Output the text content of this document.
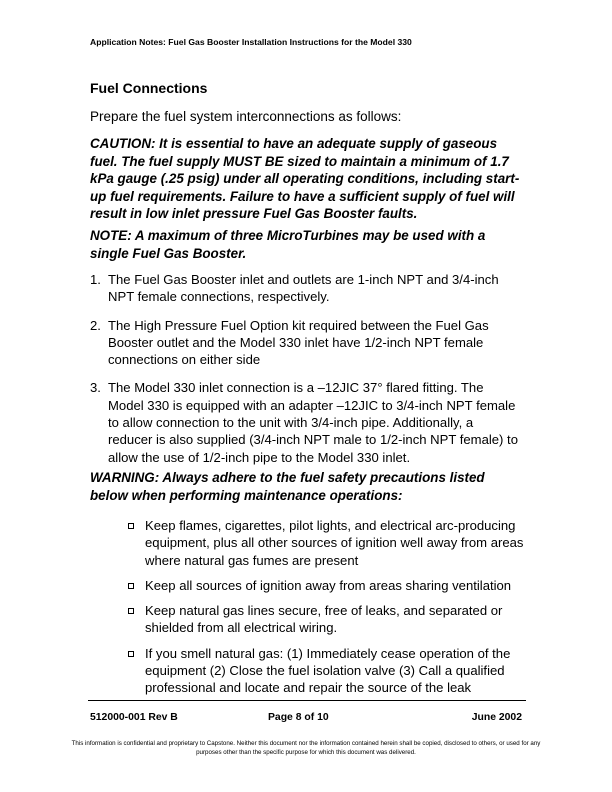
Application Notes: Fuel Gas Booster Installation Instructions for the Model 330
Fuel Connections
Prepare the fuel system interconnections as follows:
CAUTION: It is essential to have an adequate supply of gaseous fuel. The fuel supply MUST BE sized to maintain a minimum of 1.7 kPa gauge (.25 psig) under all operating conditions, including start-up fuel requirements. Failure to have a sufficient supply of fuel will result in low inlet pressure Fuel Gas Booster faults.
NOTE: A maximum of three MicroTurbines may be used with a single Fuel Gas Booster.
1. The Fuel Gas Booster inlet and outlets are 1-inch NPT and 3/4-inch NPT female connections, respectively.
2. The High Pressure Fuel Option kit required between the Fuel Gas Booster outlet and the Model 330 inlet have 1/2-inch NPT female connections on either side
3. The Model 330 inlet connection is a –12JIC 37° flared fitting. The Model 330 is equipped with an adapter –12JIC to 3/4-inch NPT female to allow connection to the unit with 3/4-inch pipe. Additionally, a reducer is also supplied (3/4-inch NPT male to 1/2-inch NPT female) to allow the use of 1/2-inch pipe to the Model 330 inlet.
WARNING: Always adhere to the fuel safety precautions listed below when performing maintenance operations:
Keep flames, cigarettes, pilot lights, and electrical arc-producing equipment, plus all other sources of ignition well away from areas where natural gas fumes are present
Keep all sources of ignition away from areas sharing ventilation
Keep natural gas lines secure, free of leaks, and separated or shielded from all electrical wiring.
If you smell natural gas: (1) Immediately cease operation of the equipment (2) Close the fuel isolation valve (3) Call a qualified professional and locate and repair the source of the leak
512000-001 Rev B	Page 8 of 10	June 2002
This information is confidential and proprietary to Capstone. Neither this document nor the information contained herein shall be copied, disclosed to others, or used for any purposes other than the specific purpose for which this document was delivered.
